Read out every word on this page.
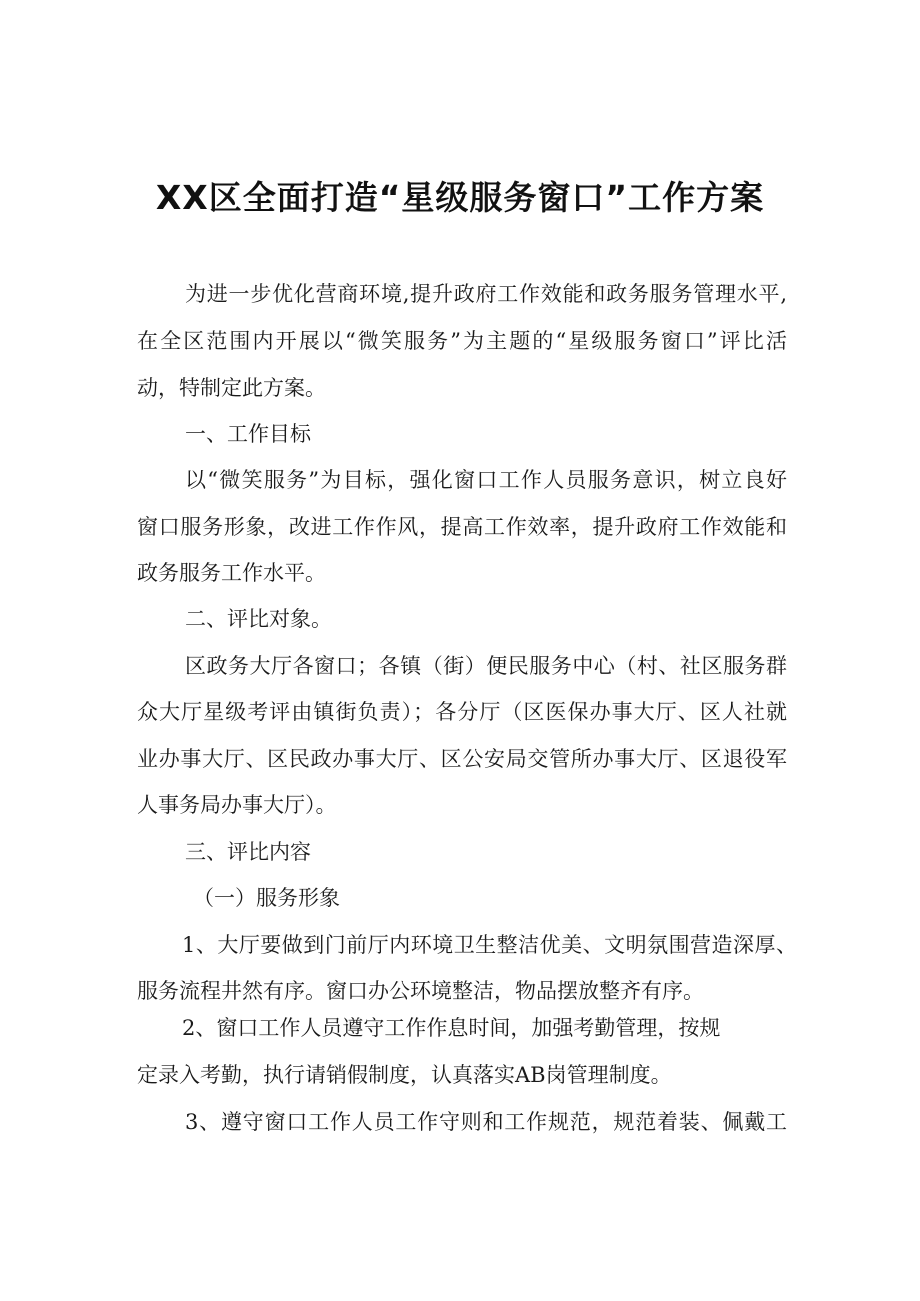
XX区全面打造“星级服务窗口”工作方案
为进一步优化营商环境,提升政府工作效能和政务服务管理水平,
在全区范围内开展以“微笑服务”为主题的“星级服务窗口”评比活
动，特制定此方案。
一、工作目标
以“微笑服务”为目标，强化窗口工作人员服务意识，树立良好
窗口服务形象，改进工作作风，提高工作效率，提升政府工作效能和
政务服务工作水平。
二、评比对象。
区政务大厅各窗口；各镇（街）便民服务中心（村、社区服务群
众大厅星级考评由镇街负责）；各分厅（区医保办事大厅、区人社就
业办事大厅、区民政办事大厅、区公安局交管所办事大厅、区退役军
人事务局办事大厅）。
三、评比内容
（一）服务形象
1、大厅要做到门前厅内环境卫生整洁优美、文明氛围营造深厚、
服务流程井然有序。窗口办公环境整洁，物品摆放整齐有序。
2、窗口工作人员遵守工作作息时间，加强考勤管理，按规
定录入考勤，执行请销假制度，认真落实AB岗管理制度。
3、遵守窗口工作人员工作守则和工作规范，规范着装、佩戴工
